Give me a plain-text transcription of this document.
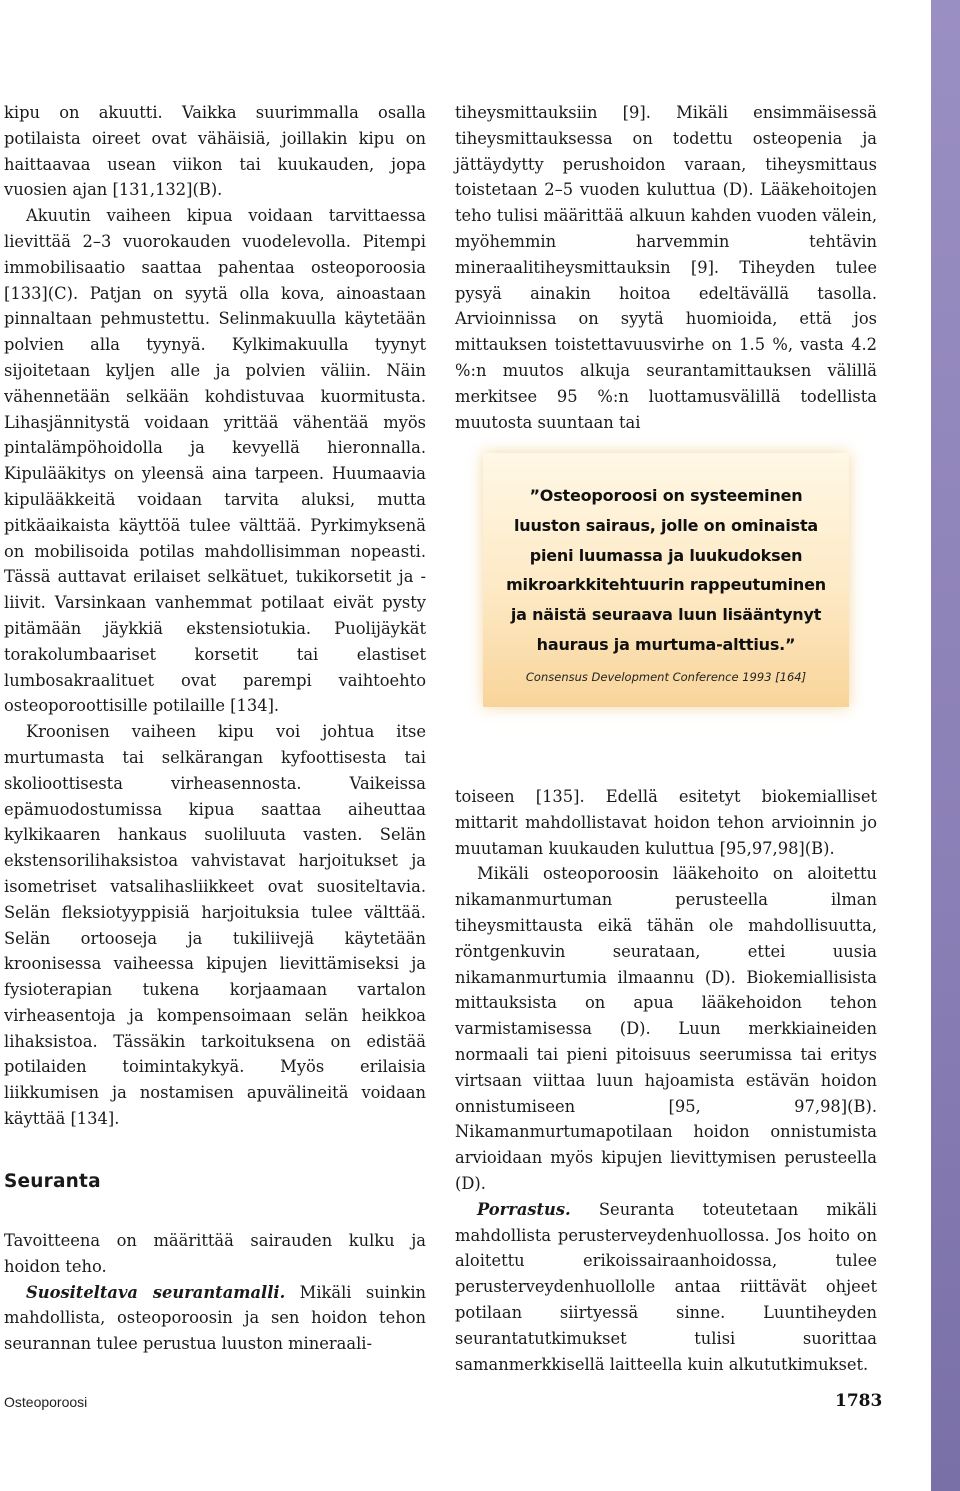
kipu on akuutti. Vaikka suurimmalla osalla potilaista oireet ovat vähäisiä, joillakin kipu on haittaavaa usean viikon tai kuukauden, jopa vuosien ajan [131,132](B).

Akuutin vaiheen kipua voidaan tarvittaessa lievittää 2–3 vuorokauden vuodelevolla. Pitempi immobilisaatio saattaa pahentaa osteoporoosia [133](C). Patjan on syytä olla kova, ainoastaan pinnaltaan pehmustettu. Selinmakuulla käytetään polvien alla tyynyä. Kylkimakuulla tyynyt sijoitetaan kyljen alle ja polvien väliin. Näin vähennetään selkään kohdistuvaa kuormitusta. Lihasjännitystä voidaan yrittää vähentää myös pintalämpöhoidolla ja kevyellä hieronnalla. Kipulääkitys on yleensä aina tarpeen. Huumaavia kipulääkkeitä voidaan tarvita aluksi, mutta pitkäaikaista käyttöä tulee välttää. Pyrkimyksenä on mobilisoida potilas mahdollisimman nopeasti. Tässä auttavat erilaiset selkätuet, tukikorsetit ja -liivit. Varsinkaan vanhemmat potilaat eivät pysty pitämään jäykkiä ekstensiotukia. Puolijäykät torakolumbaariset korsetit tai elastiset lumbosakraalituet ovat parempi vaihtoehto osteoporoottisille potilaille [134].

Kroonisen vaiheen kipu voi johtua itse murtumasta tai selkärangan kyfoottisesta tai skolioottisesta virheasennosta. Vaikeissa epämuodostumissa kipua saattaa aiheuttaa kylkikaaren hankaus suoliluuta vasten. Selän ekstensorilihaksistoa vahvistavat harjoitukset ja isometriset vatsalihasliikkeet ovat suositeltavia. Selän fleksiotyyppisiä harjoituksia tulee välttää. Selän ortooseja ja tukiliivejä käytetään kroonisessa vaiheessa kipujen lievittämiseksi ja fysioterapian tukena korjaamaan vartalon virheasentoja ja kompensoimaan selän heikkoa lihaksistoa. Tässäkin tarkoituksena on edistää potilaiden toimintakykyä. Myös erilaisia liikkumisen ja nostamisen apuvälineitä voidaan käyttää [134].

Seuranta

Tavoitteena on määrittää sairauden kulku ja hoidon teho.

Suositeltava seurantamalli. Mikäli suinkin mahdollista, osteoporoosin ja sen hoidon tehon seurannan tulee perustua luuston mineraali-

tiheysmittauksiin [9]. Mikäli ensimmäisessä tiheysmittauksessa on todettu osteopenia ja jättäydytty perushoidon varaan, tiheysmittaus toistetaan 2–5 vuoden kuluttua (D). Lääkehoitojen teho tulisi määrittää alkuun kahden vuoden välein, myöhemmin harvemmin tehtävin mineraalitiheysmittauksin [9]. Tiheyden tulee pysyä ainakin hoitoa edeltävällä tasolla. Arvioinnissa on syytä huomioida, että jos mittauksen toistettavuusvirhe on 1.5 %, vasta 4.2 %:n muutos alkuja seurantamittauksen välillä merkitsee 95 %:n luottamusvälillä todellista muutosta suuntaan tai

”Osteoporoosi on systeeminen luuston sairaus, jolle on ominaista pieni luumassa ja luukudoksen mikroarkkitehtuurin rappeutuminen ja näistä seuraava luun lisääntynyt hauraus ja murtuma-alttius.”
Consensus Development Conference 1993 [164]

toiseen [135]. Edellä esitetyt biokemialliset mittarit mahdollistavat hoidon tehon arvioinnin jo muutaman kuukauden kuluttua [95,97,98](B).

Mikäli osteoporoosin lääkehoito on aloitettu nikamanmurtuman perusteella ilman tiheysmittausta eikä tähän ole mahdollisuutta, röntgenkuvin seurataan, ettei uusia nikamanmurtumia ilmaannu (D). Biokemiallisista mittauksista on apua lääkehoidon tehon varmistamisessa (D). Luun merkkiaineiden normaali tai pieni pitoisuus seerumissa tai eritys virtsaan viittaa luun hajoamista estävän hoidon onnistumiseen [95, 97,98](B). Nikamanmurtumapotilaan hoidon onnistumista arvioidaan myös kipujen lievittymisen perusteella (D).

Porrastus. Seuranta toteutetaan mikäli mahdollista perusterveydenhuollossa. Jos hoito on aloitettu erikoissairaanhoidossa, tulee perusterveydenhuollolle antaa riittävät ohjeet potilaan siirtyessä sinne. Luuntiheyden seurantatutkimukset tulisi suorittaa samanmerkkisellä laitteella kuin alkututkimukset.

Osteoporoosi	1783
